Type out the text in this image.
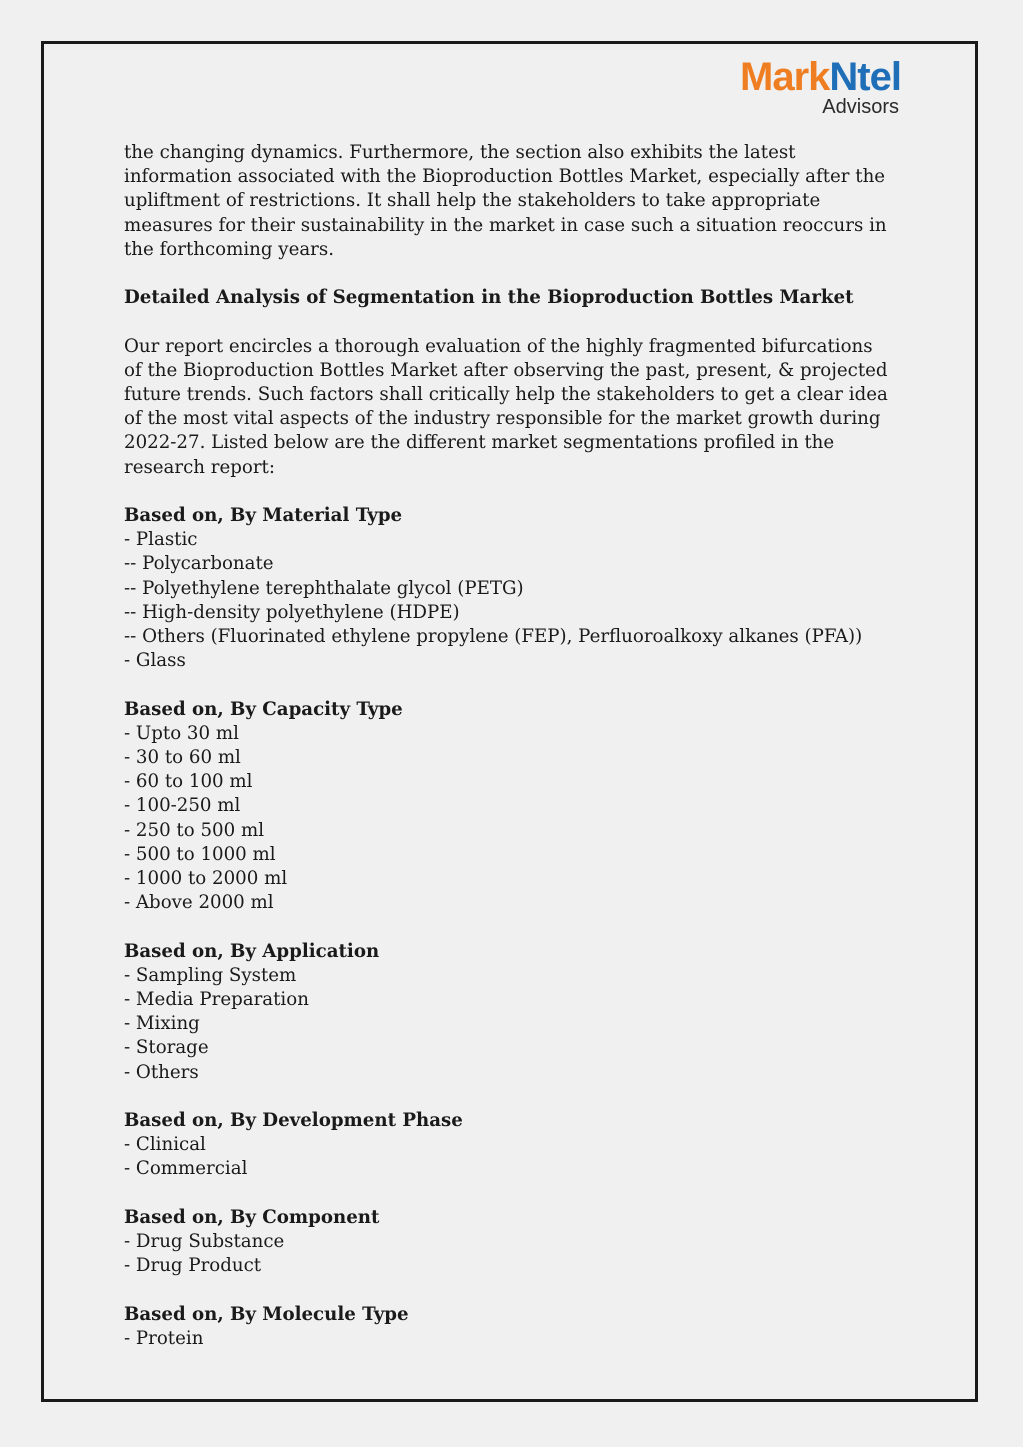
MarkNtel
Advisors

the changing dynamics. Furthermore, the section also exhibits the latest information associated with the Bioproduction Bottles Market, especially after the upliftment of restrictions. It shall help the stakeholders to take appropriate measures for their sustainability in the market in case such a situation reoccurs in the forthcoming years.

Detailed Analysis of Segmentation in the Bioproduction Bottles Market

Our report encircles a thorough evaluation of the highly fragmented bifurcations of the Bioproduction Bottles Market after observing the past, present, & projected future trends. Such factors shall critically help the stakeholders to get a clear idea of the most vital aspects of the industry responsible for the market growth during 2022-27. Listed below are the different market segmentations profiled in the research report:

Based on, By Material Type

- Plastic
-- Polycarbonate
-- Polyethylene terephthalate glycol (PETG)
-- High-density polyethylene (HDPE)
-- Others (Fluorinated ethylene propylene (FEP), Perfluoroalkoxy alkanes (PFA))
- Glass

Based on, By Capacity Type

- Upto 30 ml
- 30 to 60 ml
- 60 to 100 ml
- 100-250 ml
- 250 to 500 ml
- 500 to 1000 ml
- 1000 to 2000 ml
- Above 2000 ml

Based on, By Application

- Sampling System
- Media Preparation
- Mixing
- Storage
- Others

Based on, By Development Phase

- Clinical
- Commercial

Based on, By Component

- Drug Substance
- Drug Product

Based on, By Molecule Type

- Protein
